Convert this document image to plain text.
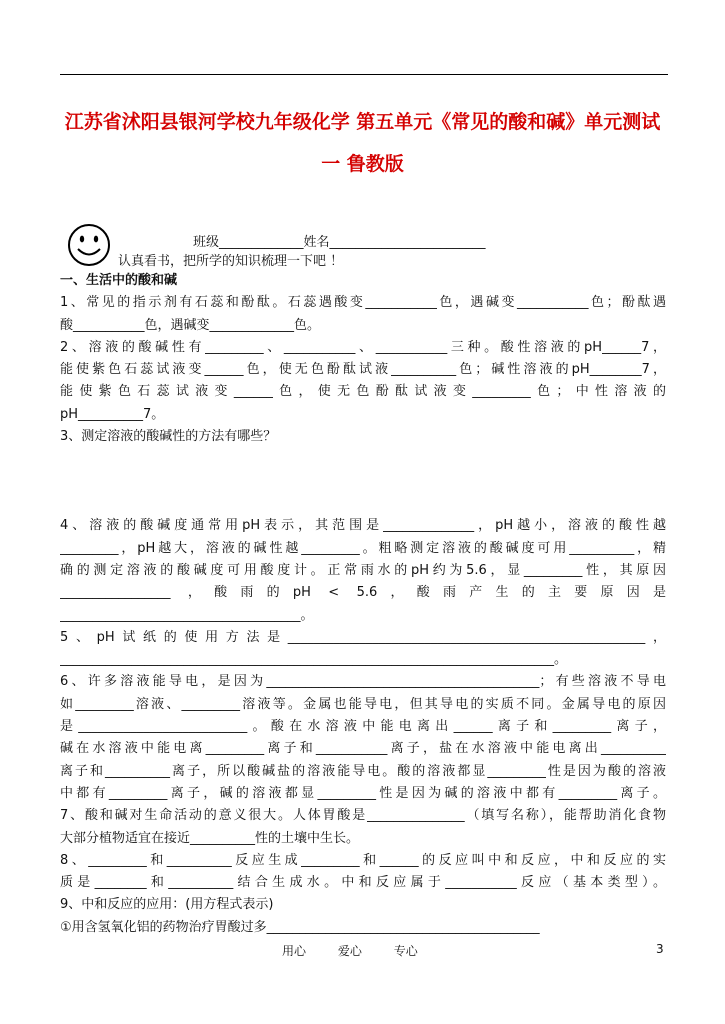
江苏省沭阳县银河学校九年级化学 第五单元《常见的酸和碱》单元测试
一 鲁教版
班级_____________姓名________________________
认真看书，把所学的知识梳理一下吧 ！

一、生活中的酸和碱

1、常见的指示剂有石蕊和酚酞。石蕊遇酸变___________色，遇碱变___________色；酚酞遇

酸___________色，遇碱变_____________色。

2、溶液的酸碱性有_________、___________、___________三种。酸性溶液的pH______7，

能使紫色石蕊试液变______色，使无色酚酞试液__________色；碱性溶液的pH________7，

能使紫色石蕊试液变______色，使无色酚酞试液变_________色；中性溶液的

pH__________7。

3、测定溶液的酸碱性的方法有哪些？

4、溶液的酸碱度通常用pH表示，其范围是______________，pH越小，溶液的酸性越

_________，pH越大，溶液的碱性越_________。粗略测定溶液的酸碱度可用__________，精

确的测定溶液的酸碱度可用酸度计。正常雨水的pH约为5.6，显_________性，其原因

_________________ ，酸雨的pH < 5.6，酸雨产生的主要原因是

_____________________________________。

5、pH试纸的使用方法是_______________________________________________________，

____________________________________________________________________________。

6、许多溶液能导电，是因为__________________________________________；有些溶液不导电

如_________溶液、_________溶液等。金属也能导电，但其导电的实质不同。金属导电的原因

是__________________________。酸在水溶液中能电离出______离子和_________离子，

碱在水溶液中能电离_________离子和___________离子，盐在水溶液中能电离出__________

离子和__________离子，所以酸碱盐的溶液能导电。酸的溶液都显_________性是因为酸的溶液

中都有_________离子，碱的溶液都显_________性是因为碱的溶液中都有_________离子。

7、酸和碱对生命活动的意义很大。人体胃酸是_______________（填写名称），能帮助消化食物

大部分植物适宜在接近__________性的土壤中生长。

8、_________和__________反应生成_________和______的反应叫中和反应，中和反应的实

质是________和__________结合生成水。中和反应属于___________反应（基本类型）。

9、中和反应的应用：(用方程式表示)

①用含氢氧化铝的药物治疗胃酸过多__________________________________________

用心	爱心	专心	3
